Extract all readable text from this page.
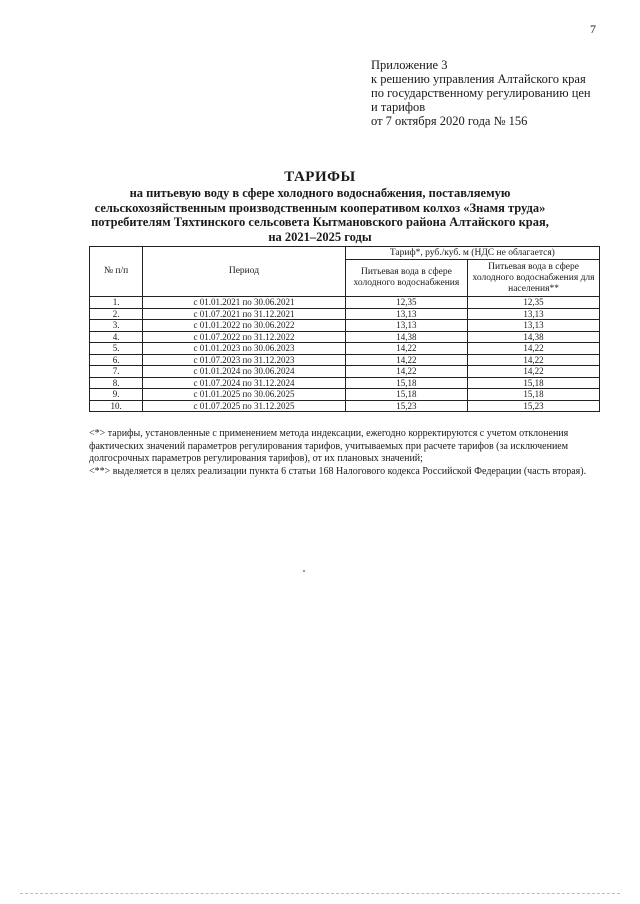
7
Приложение 3
к решению управления Алтайского края
по государственному регулированию цен
и тарифов
от 7 октября 2020 года № 156
ТАРИФЫ
на питьевую воду в сфере холодного водоснабжения, поставляемую
сельскохозяйственным производственным кооперативом колхоз «Знамя труда»
потребителям Тяхтинского сельсовета Кытмановского района Алтайского края,
на 2021–2025 годы
№ п/п	Период	Тариф*, руб./куб. м (НДС не облагается)	
		Питьевая вода в сфере холодного водоснабжения	Питьевая вода в сфере холодного водоснабжения для населения**
1.	с 01.01.2021 по 30.06.2021	12,35	12,35
2.	с 01.07.2021 по 31.12.2021	13,13	13,13
3.	с 01.01.2022 по 30.06.2022	13,13	13,13
4.	с 01.07.2022 по 31.12.2022	14,38	14,38
5.	с 01.01.2023 по 30.06.2023	14,22	14,22
6.	с 01.07.2023 по 31.12.2023	14,22	14,22
7.	с 01.01.2024 по 30.06.2024	14,22	14,22
8.	с 01.07.2024 по 31.12.2024	15,18	15,18
9.	с 01.01.2025 по 30.06.2025	15,18	15,18
10.	с 01.07.2025 по 31.12.2025	15,23	15,23

<*> тарифы, установленные с применением метода индексации, ежегодно корректируются с учетом отклонения фактических значений параметров регулирования тарифов, учитываемых при расчете тарифов (за исключением долгосрочных параметров регулирования тарифов), от их плановых значений;

<**> выделяется в целях реализации пункта 6 статьи 168 Налогового кодекса Российской Федерации (часть вторая).
